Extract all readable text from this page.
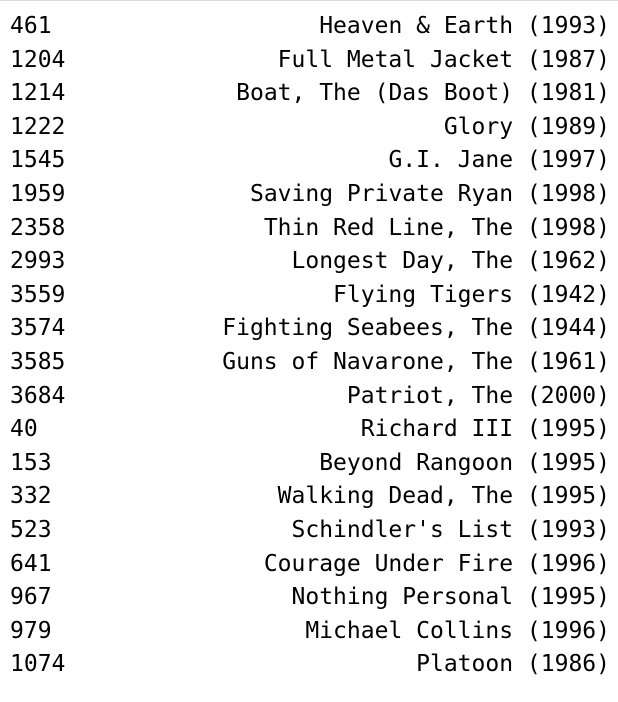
461	Heaven & Earth (1993)
1204	Full Metal Jacket (1987)
1214	Boat, The (Das Boot) (1981)
1222	Glory (1989)
1545	G.I. Jane (1997)
1959	Saving Private Ryan (1998)
2358	Thin Red Line, The (1998)
2993	Longest Day, The (1962)
3559	Flying Tigers (1942)
3574	Fighting Seabees, The (1944)
3585	Guns of Navarone, The (1961)
3684	Patriot, The (2000)
40	Richard III (1995)
153	Beyond Rangoon (1995)
332	Walking Dead, The (1995)
523	Schindler's List (1993)
641	Courage Under Fire (1996)
967	Nothing Personal (1995)
979	Michael Collins (1996)
1074	Platoon (1986)
